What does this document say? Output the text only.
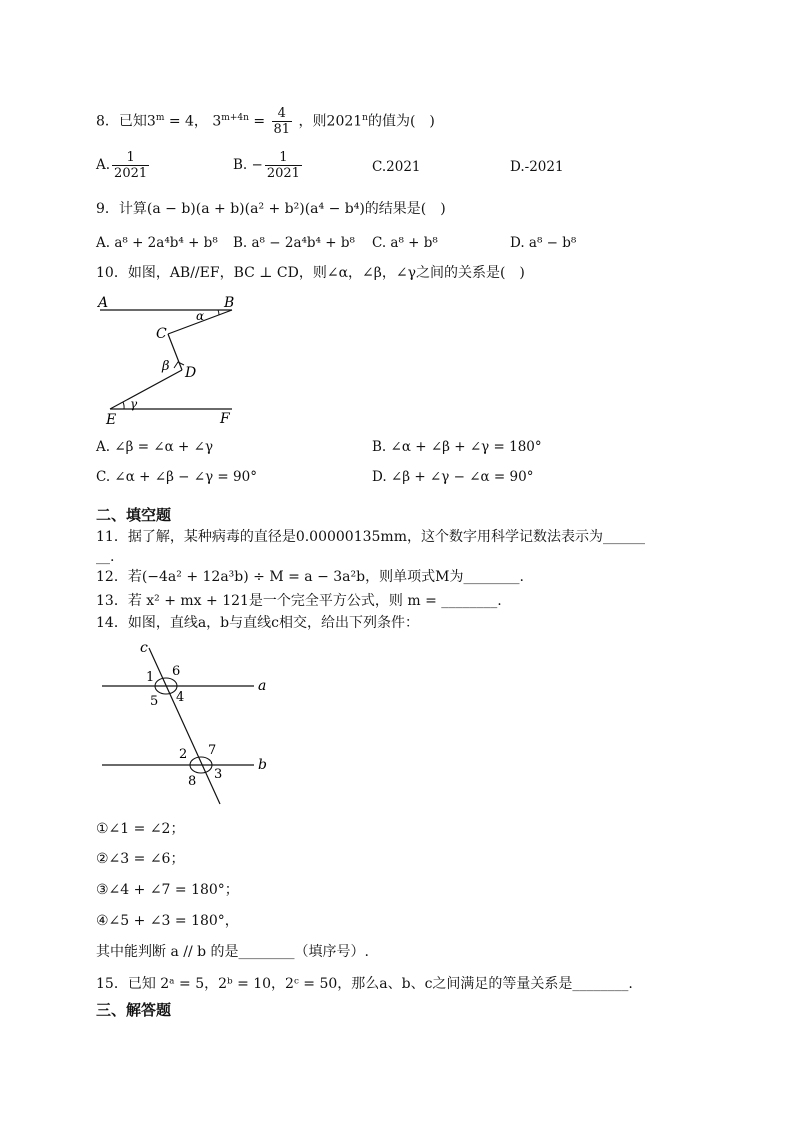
8．已知$3^m = 4$， $3^{m+4n} = \frac{4}{81}$ ，则2021$^n$的值为(　)
A. $\frac{1}{2021}$	B. − $\frac{1}{2021}$	C.2021	D.-2021
9．计算(a − b)(a + b)(a² + b²)(a⁴ − b⁴)的结果是(　)
A. a⁸ + 2a⁴b⁴ + b⁸ B. a⁸ − 2a⁴b⁴ + b⁸ C. a⁸ + b⁸	D. a⁸ − b⁸
10．如图，AB//EF，BC ⊥ CD，则∠α，∠β，∠γ之间的关系是(　)
A	B
C
D
E	F
α
β
γ
A. ∠β = ∠α + ∠γ	B. ∠α + ∠β + ∠γ = 180°
C. ∠α + ∠β − ∠γ = 90°	D. ∠β + ∠γ − ∠α = 90°
二、填空题
11．据了解，某种病毒的直径是0.00000135mm，这个数字用科学记数法表示为______
__.
12．若(−4a² + 12a³b) ÷ M = a − 3a²b，则单项式M为________.
13．若 x² + mx + 121是一个完全平方公式，则 m = ________.
14．如图，直线a，b与直线c相交，给出下列条件：
c
a
b
1 6
4
5
2 7
3
8
①∠1 = ∠2；
②∠3 = ∠6；
③∠4 + ∠7 = 180°；
④∠5 + ∠3 = 180°，
其中能判断 a // b 的是________（填序号）.
15．已知 2ᵃ = 5，2ᵇ = 10，2ᶜ = 50，那么a、b、c之间满足的等量关系是________.
三、解答题
